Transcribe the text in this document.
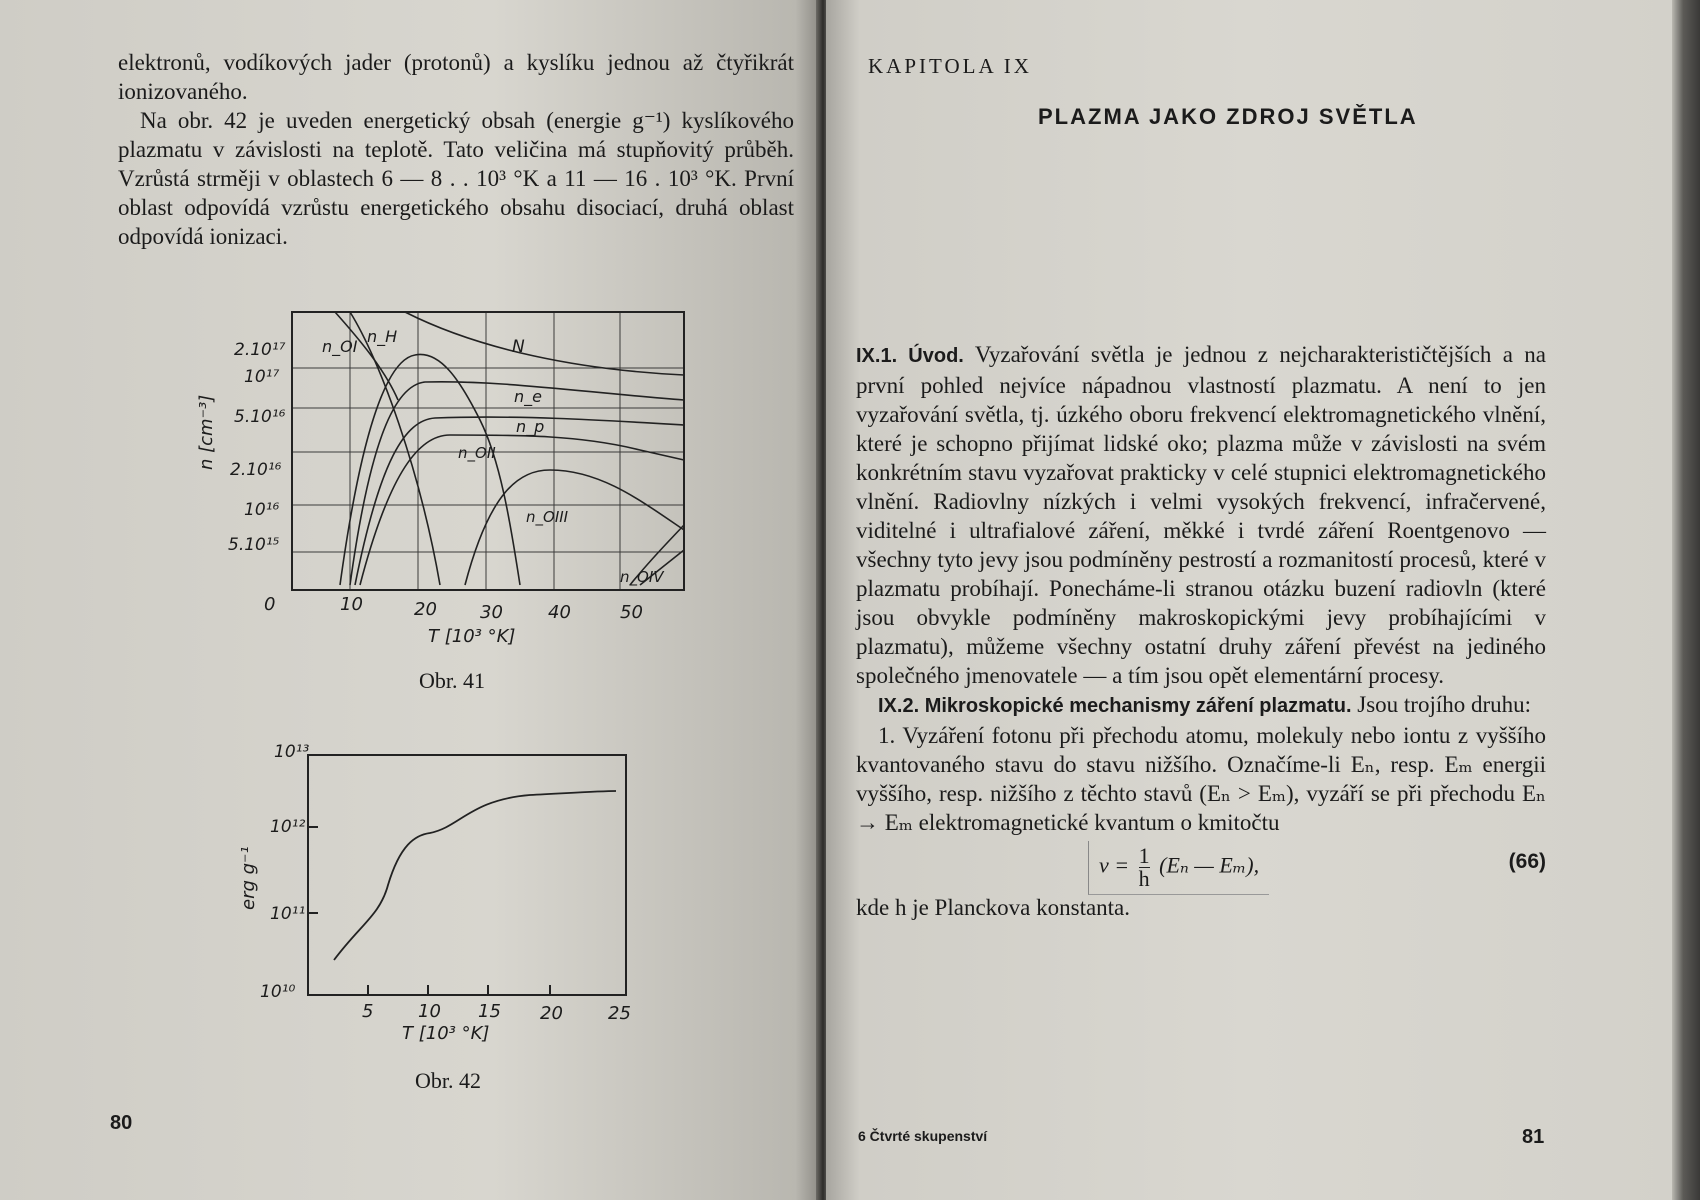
elektronů, vodíkových jader (protonů) a kyslíku jednou až čtyřikrát ionizovaného.

Na obr. 42 je uveden energetický obsah (energie g⁻¹) kyslíkového plazmatu v závislosti na teplotě. Tato veličina má stupňovitý průběh. Vzrůstá strměji v oblastech 6 — 8 . . 10³ °K a 11 — 16 . 10³ °K. První oblast odpovídá vzrůstu energetického obsahu disociací, druhá oblast odpovídá ionizaci.

2.10¹⁷
10¹⁷
5.10¹⁶
2.10¹⁶
10¹⁶
5.10¹⁵
n [cm⁻³]
0	10	20 30	40	50
T [10³ °K]
n_OI
n_H
N
n_e
n_p
n_OII
n_OIII
n_OIV
Obr. 41
10¹³
10¹²
10¹¹
10¹⁰
erg g⁻¹
5 10 15 20	25
T [10³ °K]
Obr. 42
80
KAPITOLA IX
PLAZMA JAKO ZDROJ SVĚTLA

IX.1. Úvod. Vyzařování světla je jednou z nejcharakterističtějších a na první pohled nejvíce nápadnou vlastností plazmatu. A není to jen vyzařování světla, tj. úzkého oboru frekvencí elektromagnetického vlnění, které je schopno přijímat lidské oko; plazma může v závislosti na svém konkrétním stavu vyzařovat prakticky v celé stupnici elektromagnetického vlnění. Radiovlny nízkých i velmi vysokých frekvencí, infračervené, viditelné i ultrafialové záření, měkké i tvrdé záření Roentgenovo — všechny tyto jevy jsou podmíněny pestrostí a rozmanitostí procesů, které v plazmatu probíhají. Ponecháme-li stranou otázku buzení radiovln (které jsou obvykle podmíněny makroskopickými jevy probíhajícími v plazmatu), můžeme všechny ostatní druhy záření převést na jediného společného jmenovatele — a tím jsou opět elementární procesy.

IX.2. Mikroskopické mechanismy záření plazmatu. Jsou trojího druhu:

1. Vyzáření fotonu při přechodu atomu, molekuly nebo iontu z vyššího kvantovaného stavu do stavu nižšího. Označíme-li Eₙ, resp. Eₘ energii vyššího, resp. nižšího z těchto stavů (Eₙ > Eₘ), vyzáří se při přechodu Eₙ → Eₘ elektromagnetické kvantum o kmitočtu

$\nu = \frac{1}{h} (E_n$ — Eₘ),	(66)

kde h je Planckova konstanta.

6 Čtvrté skupenství	81
